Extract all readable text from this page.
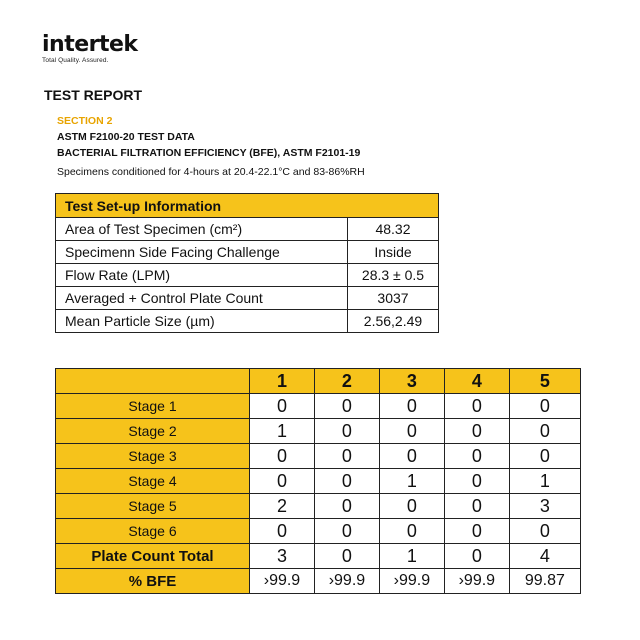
intertek
Total Quality. Assured.
TEST REPORT
SECTION 2
ASTM F2100-20 TEST DATA
BACTERIAL FILTRATION EFFICIENCY (BFE), ASTM F2101-19
Specimens conditioned for 4-hours at 20.4-22.1°C and 83-86%RH
Test Set-up Information	
Area of Test Specimen (cm²)	48.32
Specimenn Side Facing Challenge	Inside
Flow Rate (LPM)	28.3 ± 0.5
Averaged + Control Plate Count	3037
Mean Particle Size (µm)	2.56,2.49
	1	2	3	4	5
Stage 1	0	0	0	0	0
Stage 2	1	0	0	0	0
Stage 3	0	0	0	0	0
Stage 4	0	0	1	0	1
Stage 5	2	0	0	0	3
Stage 6	0	0	0	0	0
Plate Count Total	3	0	1	0	4
% BFE	›99.9	›99.9	›99.9	›99.9	99.87
